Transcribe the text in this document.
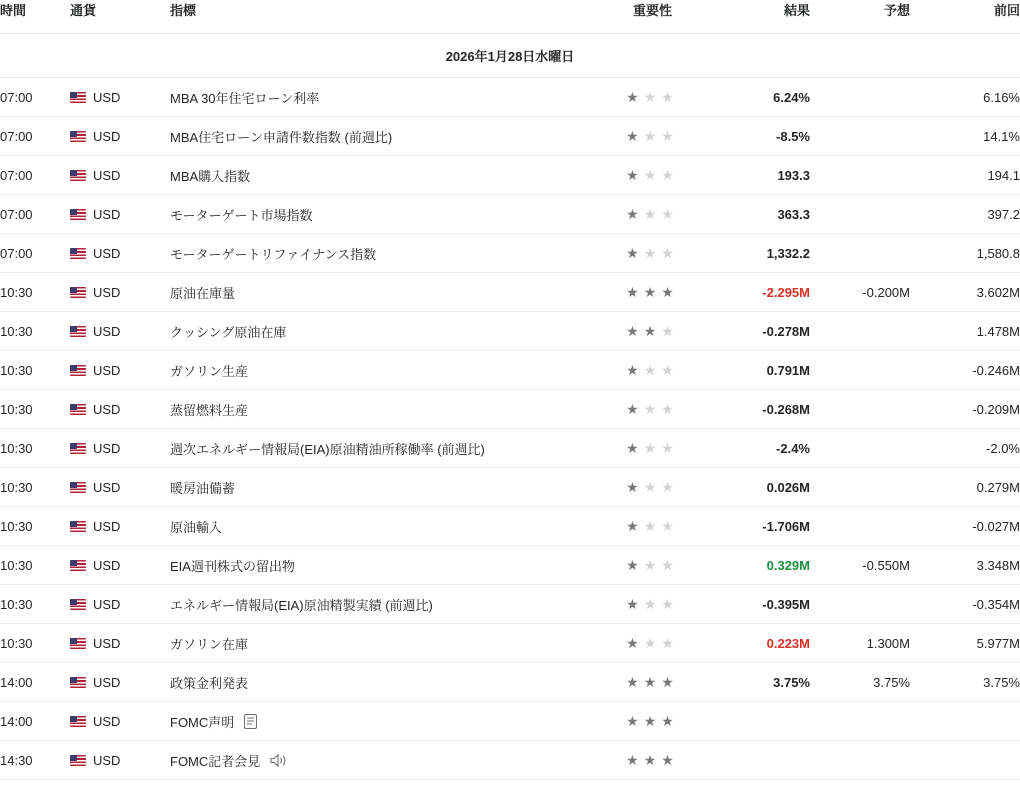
時間	通貨	指標	重要性	結果	予想	前回
2026年1月28日水曜日						
07:00	USD	MBA 30年住宅ローン利率	★★★	6.24%		6.16%
07:00	USD	MBA住宅ローン申請件数指数 (前週比)	★★★	-8.5%		14.1%
07:00	USD	MBA購入指数	★★★	193.3		194.1
07:00	USD	モーターゲート市場指数	★★★	363.3		397.2
07:00	USD	モーターゲートリファイナンス指数	★★★	1,332.2		1,580.8
10:30	USD	原油在庫量	★★★	-2.295M	-0.200M	3.602M
10:30	USD	クッシング原油在庫	★★★	-0.278M		1.478M
10:30	USD	ガソリン生産	★★★	0.791M		-0.246M
10:30	USD	蒸留燃料生産	★★★	-0.268M		-0.209M
10:30	USD	週次エネルギー情報局(EIA)原油精油所稼働率 (前週比)	★★★	-2.4%		-2.0%
10:30	USD	暖房油備蓄	★★★	0.026M		0.279M
10:30	USD	原油輸入	★★★	-1.706M		-0.027M
10:30	USD	EIA週刊株式の留出物	★★★	0.329M	-0.550M	3.348M
10:30	USD	エネルギー情報局(EIA)原油精製実績 (前週比)	★★★	-0.395M		-0.354M
10:30	USD	ガソリン在庫	★★★	0.223M	1.300M	5.977M
14:00	USD	政策金利発表	★★★	3.75%	3.75%	3.75%
14:00	USD	FOMC声明	★★★			
14:30	USD	FOMC記者会見	★★★			
